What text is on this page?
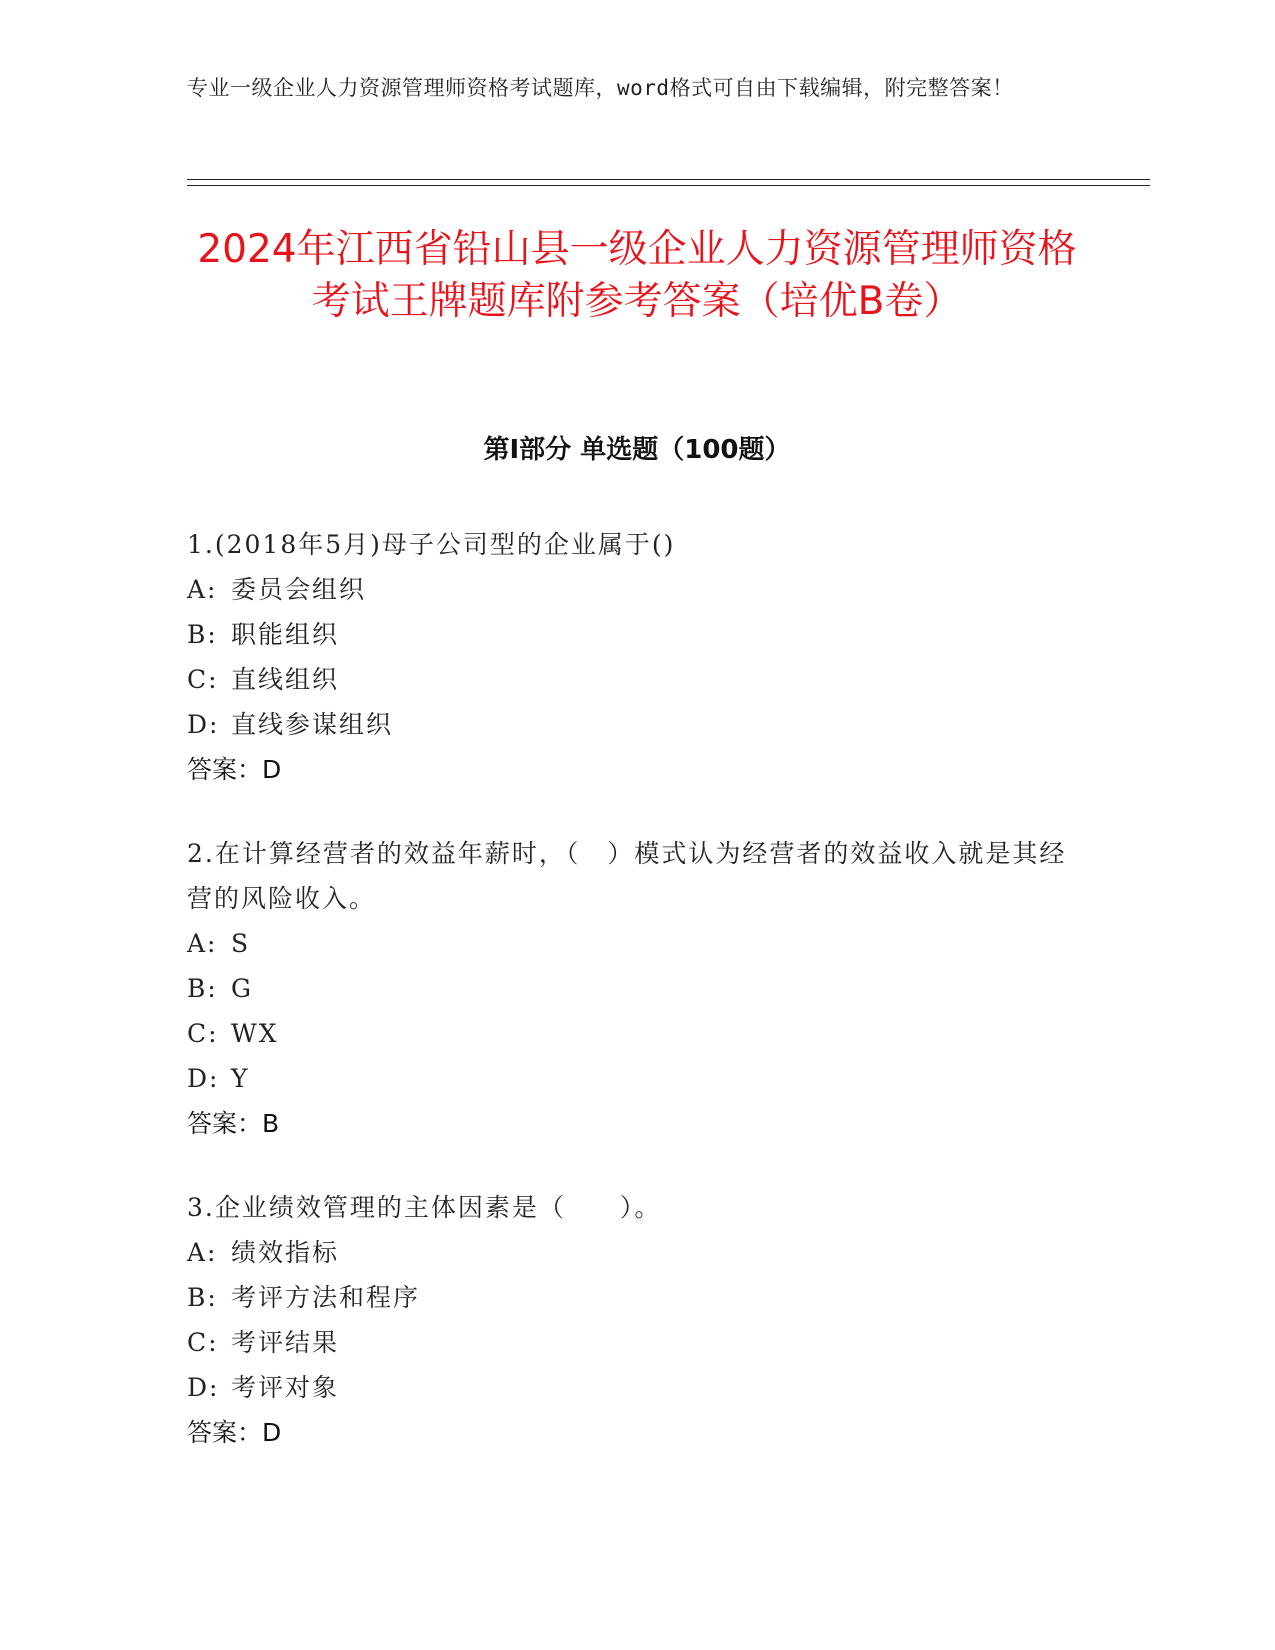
专业一级企业人力资源管理师资格考试题库，word格式可自由下载编辑，附完整答案！
2024年江西省铅山县一级企业人力资源管理师资格考试王牌题库附参考答案（培优B卷）
第Ⅰ部分 单选题（100题）
1.(2018年5月)母子公司型的企业属于()
A: 委员会组织
B: 职能组织
C: 直线组织
D: 直线参谋组织
答案：D
2.在计算经营者的效益年薪时，（　）模式认为经营者的效益收入就是其经营的风险收入。
A: S
B: G
C: WX
D: Y
答案：B
3.企业绩效管理的主体因素是（　　）。
A: 绩效指标
B: 考评方法和程序
C: 考评结果
D: 考评对象
答案：D
